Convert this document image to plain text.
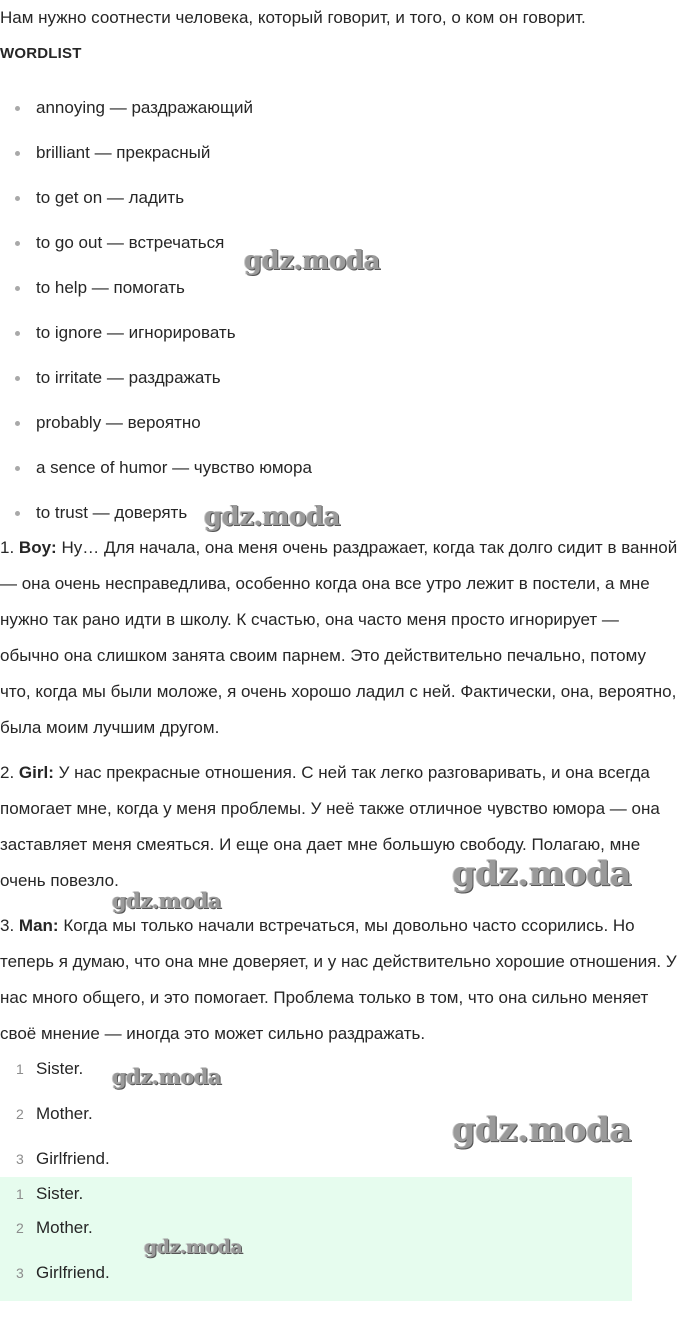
Нам нужно соотнести человека, который говорит, и того, о ком он говорит.
WORDLIST
annoying — раздражающий
brilliant — прекрасный
to get on — ладить
to go out — встречаться
to help — помогать
to ignore — игнорировать
to irritate — раздражать
probably — вероятно
a sence of humor — чувство юмора
to trust — доверять
1. Boy: Ну… Для начала, она меня очень раздражает, когда так долго сидит в ванной — она очень несправедлива, особенно когда она все утро лежит в постели, а мне нужно так рано идти в школу. К счастью, она часто меня просто игнорирует — обычно она слишком занята своим парнем. Это действительно печально, потому что, когда мы были моложе, я очень хорошо ладил с ней. Фактически, она, вероятно, была моим лучшим другом.
2. Girl: У нас прекрасные отношения. С ней так легко разговаривать, и она всегда помогает мне, когда у меня проблемы. У неё также отличное чувство юмора — она заставляет меня смеяться. И еще она дает мне большую свободу. Полагаю, мне очень повезло.
3. Man: Когда мы только начали встречаться, мы довольно часто ссорились. Но теперь я думаю, что она мне доверяет, и у нас действительно хорошие отношения. У нас много общего, и это помогает. Проблема только в том, что она сильно меняет своё мнение — иногда это может сильно раздражать.
1 Sister.
2 Mother.
3 Girlfriend.
1 Sister.
2 Mother.
3 Girlfriend.
gdz.moda
gdz.moda
gdz.moda
gdz.moda
gdz.moda
gdz.moda
gdz.moda
